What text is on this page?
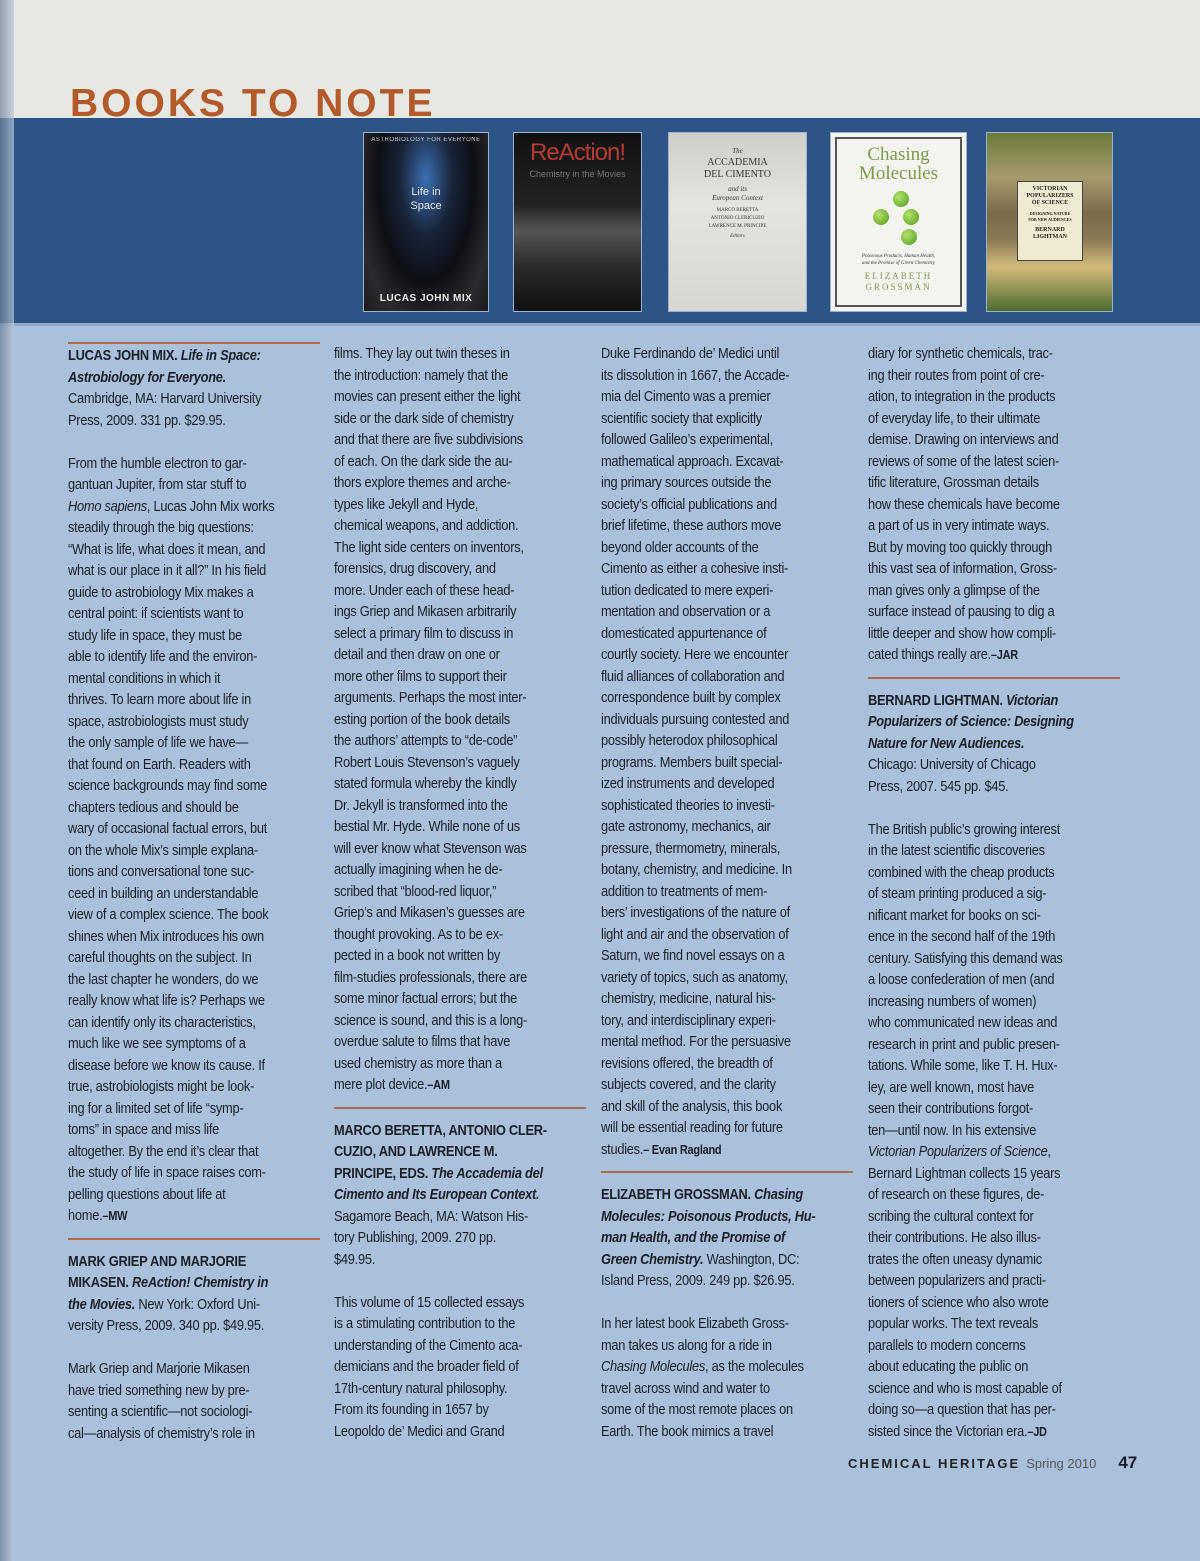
BOOKS TO NOTE
ASTROBIOLOGY FOR EVERYONE
Life in
Space
LUCAS JOHN MIX
ReAction!
Chemistry in the Movies
The
ACCADEMIA
DEL CIMENTO
and its
European Context
MARCO BERETTA
ANTONIO CLERICUZIO
LAWRENCE M. PRINCIPE
Editors
Chasing
Molecules
Poisonous Products, Human Health,
and the Promise of Green Chemistry
ELIZABETH
GROSSMAN
VICTORIAN
POPULARIZERS
OF SCIENCE
DESIGNING NATURE
FOR NEW AUDIENCES
BERNARD
LIGHTMAN

LUCAS JOHN MIX. Life in Space:
Astrobiology for Everyone.
Cambridge, MA: Harvard University
Press, 2009. 331 pp. $29.95.

From the humble electron to gar-
gantuan Jupiter, from star stuff to
Homo sapiens, Lucas John Mix works
steadily through the big questions:
“What is life, what does it mean, and
what is our place in it all?” In his field
guide to astrobiology Mix makes a
central point: if scientists want to
study life in space, they must be
able to identify life and the environ-
mental conditions in which it
thrives. To learn more about life in
space, astrobiologists must study
the only sample of life we have—
that found on Earth. Readers with
science backgrounds may find some
chapters tedious and should be
wary of occasional factual errors, but
on the whole Mix’s simple explana-
tions and conversational tone suc-
ceed in building an understandable
view of a complex science. The book
shines when Mix introduces his own
careful thoughts on the subject. In
the last chapter he wonders, do we
really know what life is? Perhaps we
can identify only its characteristics,
much like we see symptoms of a
disease before we know its cause. If
true, astrobiologists might be look-
ing for a limited set of life “symp-
toms” in space and miss life
altogether. By the end it’s clear that
the study of life in space raises com-
pelling questions about life at
home.–MW

MARK GRIEP AND MARJORIE
MIKASEN. ReAction! Chemistry in
the Movies. New York: Oxford Uni-
versity Press, 2009. 340 pp. $49.95.

Mark Griep and Marjorie Mikasen
have tried something new by pre-
senting a scientific—not sociologi-
cal—analysis of chemistry’s role in

films. They lay out twin theses in
the introduction: namely that the
movies can present either the light
side or the dark side of chemistry
and that there are five subdivisions
of each. On the dark side the au-
thors explore themes and arche-
types like Jekyll and Hyde,
chemical weapons, and addiction.
The light side centers on inventors,
forensics, drug discovery, and
more. Under each of these head-
ings Griep and Mikasen arbitrarily
select a primary film to discuss in
detail and then draw on one or
more other films to support their
arguments. Perhaps the most inter-
esting portion of the book details
the authors’ attempts to “de-code”
Robert Louis Stevenson’s vaguely
stated formula whereby the kindly
Dr. Jekyll is transformed into the
bestial Mr. Hyde. While none of us
will ever know what Stevenson was
actually imagining when he de-
scribed that “blood-red liquor,”
Griep’s and Mikasen’s guesses are
thought provoking. As to be ex-
pected in a book not written by
film-studies professionals, there are
some minor factual errors; but the
science is sound, and this is a long-
overdue salute to films that have
used chemistry as more than a
mere plot device.–AM

MARCO BERETTA, ANTONIO CLER-
CUZIO, AND LAWRENCE M.
PRINCIPE, EDS. The Accademia del
Cimento and Its European Context.
Sagamore Beach, MA: Watson His-
tory Publishing, 2009. 270 pp.
$49.95.

This volume of 15 collected essays
is a stimulating contribution to the
understanding of the Cimento aca-
demicians and the broader field of
17th-century natural philosophy.
From its founding in 1657 by
Leopoldo de’ Medici and Grand

Duke Ferdinando de’ Medici until
its dissolution in 1667, the Accade-
mia del Cimento was a premier
scientific society that explicitly
followed Galileo’s experimental,
mathematical approach. Excavat-
ing primary sources outside the
society’s official publications and
brief lifetime, these authors move
beyond older accounts of the
Cimento as either a cohesive insti-
tution dedicated to mere experi-
mentation and observation or a
domesticated appurtenance of
courtly society. Here we encounter
fluid alliances of collaboration and
correspondence built by complex
individuals pursuing contested and
possibly heterodox philosophical
programs. Members built special-
ized instruments and developed
sophisticated theories to investi-
gate astronomy, mechanics, air
pressure, thermometry, minerals,
botany, chemistry, and medicine. In
addition to treatments of mem-
bers’ investigations of the nature of
light and air and the observation of
Saturn, we find novel essays on a
variety of topics, such as anatomy,
chemistry, medicine, natural his-
tory, and interdisciplinary experi-
mental method. For the persuasive
revisions offered, the breadth of
subjects covered, and the clarity
and skill of the analysis, this book
will be essential reading for future
studies.– Evan Ragland

ELIZABETH GROSSMAN. Chasing
Molecules: Poisonous Products, Hu-
man Health, and the Promise of
Green Chemistry. Washington, DC:
Island Press, 2009. 249 pp. $26.95.

In her latest book Elizabeth Gross-
man takes us along for a ride in
Chasing Molecules, as the molecules
travel across wind and water to
some of the most remote places on
Earth. The book mimics a travel

diary for synthetic chemicals, trac-
ing their routes from point of cre-
ation, to integration in the products
of everyday life, to their ultimate
demise. Drawing on interviews and
reviews of some of the latest scien-
tific literature, Grossman details
how these chemicals have become
a part of us in very intimate ways.
But by moving too quickly through
this vast sea of information, Gross-
man gives only a glimpse of the
surface instead of pausing to dig a
little deeper and show how compli-
cated things really are.–JAR

BERNARD LIGHTMAN. Victorian
Popularizers of Science: Designing
Nature for New Audiences.
Chicago: University of Chicago
Press, 2007. 545 pp. $45.

The British public’s growing interest
in the latest scientific discoveries
combined with the cheap products
of steam printing produced a sig-
nificant market for books on sci-
ence in the second half of the 19th
century. Satisfying this demand was
a loose confederation of men (and
increasing numbers of women)
who communicated new ideas and
research in print and public presen-
tations. While some, like T. H. Hux-
ley, are well known, most have
seen their contributions forgot-
ten—until now. In his extensive
Victorian Popularizers of Science,
Bernard Lightman collects 15 years
of research on these figures, de-
scribing the cultural context for
their contributions. He also illus-
trates the often uneasy dynamic
between popularizers and practi-
tioners of science who also wrote
popular works. The text reveals
parallels to modern concerns
about educating the public on
science and who is most capable of
doing so—a question that has per-
sisted since the Victorian era.–JD

CHEMICAL HERITAGE Spring 2010 47
